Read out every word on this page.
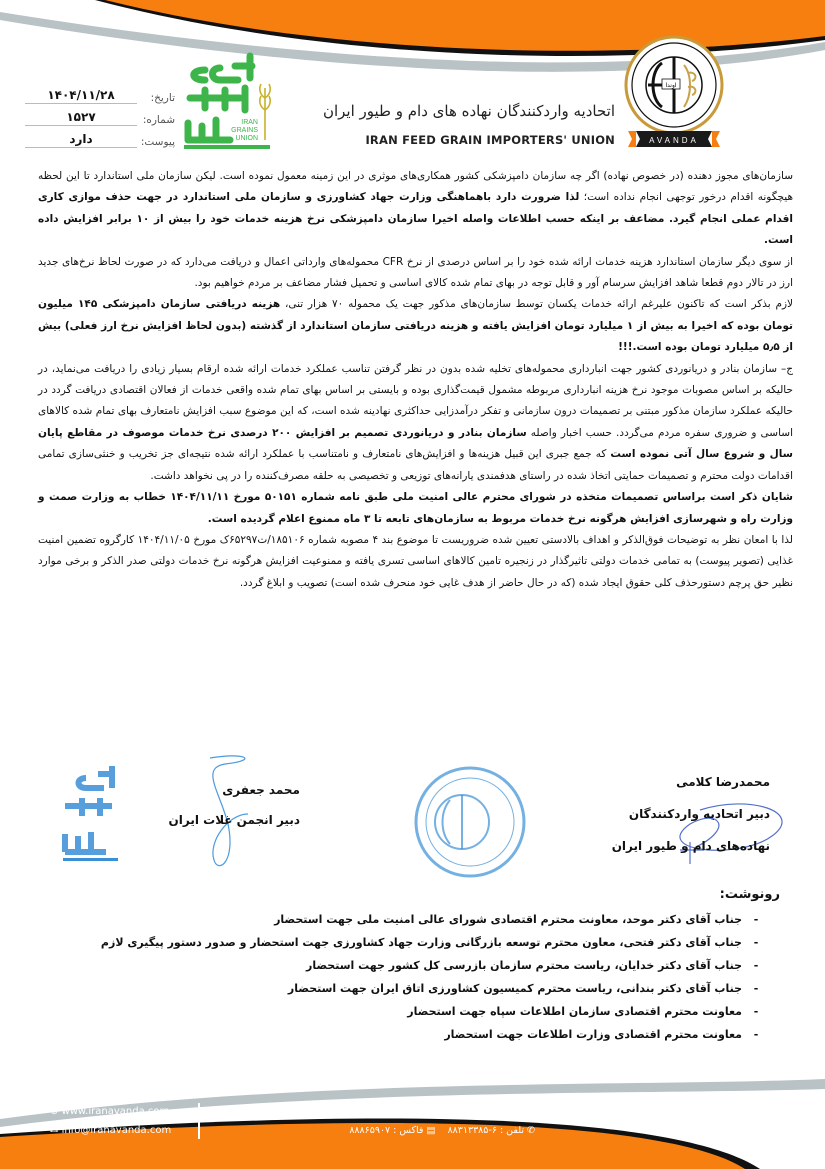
تاریخ:
۱۴۰۴/۱۱/۲۸
شماره:
۱۵۲۷
پیوست:
دارد
IRAN
GRAINS
UNION
اتحادیه واردکنندگان نهاده های دام و طیور ایران
IRAN FEED GRAIN IMPORTERS' UNION
اوندا
AVANDA

سازمان‌های مجوز دهنده (در خصوص نهاده) اگر چه سازمان دامپزشکی کشور همکاری‌های موثری در این زمینه معمول نموده است. لیکن سازمان ملی استاندارد تا این لحظه هیچگونه اقدام درخور توجهی انجام نداده است؛ لذا ضرورت دارد باهماهنگی وزارت جهاد کشاورزی و سازمان ملی استاندارد در جهت حذف موازی کاری اقدام عملی انجام گیرد. مضاعف بر اینکه حسب اطلاعات واصله اخیرا سازمان دامپزشکی نرخ هزینه خدمات خود را بیش از ۱۰ برابر افزایش داده است.

از سوی دیگر سازمان استاندارد هزینه خدمات ارائه شده خود را بر اساس درصدی از نرخ CFR محموله‌های وارداتی اعمال و دریافت می‌دارد که در صورت لحاظ نرخ‌های جدید ارز در تالار دوم قطعا شاهد افزایش سرسام آور و قابل توجه در بهای تمام شده کالای اساسی و تحمیل فشار مضاعف بر مردم خواهیم بود.

لازم بذکر است که تاکنون علیرغم ارائه خدمات یکسان توسط سازمان‌های مذکور جهت یک محموله ۷۰ هزار تنی، هزینه دریافتی سازمان دامپزشکی ۱۴۵ میلیون تومان بوده که اخیرا به بیش از ۱ میلیارد تومان افزایش یافته و هزینه دریافتی سازمان استاندارد از گذشته (بدون لحاظ افزایش نرخ ارز فعلی) بیش از ۵٫۵ میلیارد تومان بوده است.!!!

ج– سازمان بنادر و دریانوردی کشور جهت انبارداری محموله‌های تخلیه شده بدون در نظر گرفتن تناسب عملکرد خدمات ارائه شده ارقام بسیار زیادی را دریافت می‌نماید، در حالیکه بر اساس مصوبات موجود نرخ هزینه انبارداری مربوطه مشمول قیمت‌گذاری بوده و بایستی بر اساس بهای تمام شده واقعی خدمات از فعالان اقتصادی دریافت گردد در حالیکه عملکرد سازمان مذکور مبتنی بر تصمیمات درون سازمانی و تفکر درآمدزایی حداکثری نهادینه شده است، که این موضوع سبب افزایش نامتعارف بهای تمام شده کالاهای اساسی و ضروری سفره مردم می‌گردد. حسب اخبار واصله سازمان بنادر و دریانوردی تصمیم بر افزایش ۲۰۰ درصدی نرخ خدمات موصوف در مقاطع پایان سال و شروع سال آتی نموده است که جمع جبری این قبیل هزینه‌ها و افزایش‌های نامتعارف و نامتناسب با عملکرد ارائه شده نتیجه‌ای جز تخریب و خنثی‌سازی تمامی اقدامات دولت محترم و تصمیمات حمایتی اتخاذ شده در راستای هدفمندی یارانه‌های توزیعی و تخصیصی به حلقه مصرف‌کننده را در پی نخواهد داشت.

شایان ذکر است براساس تصمیمات متخذه در شورای محترم عالی امنیت ملی طبق نامه شماره ۵۰۱۵۱ مورخ ۱۴۰۴/۱۱/۱۱ خطاب به وزارت صمت و وزارت راه و شهرسازی افزایش هرگونه نرخ خدمات مربوط به سازمان‌های تابعه تا ۳ ماه ممنوع اعلام گردیده است.

لذا با امعان نظر به توضیحات فوق‌الذکر و اهداف بالادستی تعیین شده ضروریست تا موضوع بند ۴ مصوبه شماره ۱۸۵۱۰۶/ت۶۵۲۹۷ک مورخ ۱۴۰۴/۱۱/۰۵ کارگروه تضمین امنیت غذایی (تصویر پیوست) به تمامی خدمات دولتی تاثیرگذار در زنجیره تامین کالاهای اساسی تسری یافته و ممنوعیت افزایش هرگونه نرخ خدمات دولتی صدر الذکر و برخی موارد نظیر حق پرچم دستورحذف کلی حقوق ایجاد شده (که در حال حاضر از هدف غایی خود منحرف شده است) تصویب و ابلاغ گردد.

محمد جعفری
دبیر انجمن غلات ایران
محمدرضا کلامی
دبیر اتحادیه واردکنندگان
نهاده‌های دام و طیور ایران
رونوشت:
-
جناب آقای دکتر موحد، معاونت محترم اقتصادی شورای عالی امنیت ملی جهت استحضار
-
جناب آقای دکتر فتحی، معاون محترم توسعه بازرگانی وزارت جهاد کشاورزی جهت استحضار و صدور دستور پیگیری لازم
-
جناب آقای دکتر خدایان، ریاست محترم سازمان بازرسی کل کشور جهت استحضار
-
جناب آقای دکتر بندانی، ریاست محترم کمیسیون کشاورزی اتاق ایران جهت استحضار
-
معاونت محترم اقتصادی سازمان اطلاعات سپاه جهت استحضار
-
معاونت محترم اقتصادی وزارت اطلاعات جهت استحضار
⚲ خیابان قائم مقام فراهانی ، خیابان بیست و ششم ، پلاک ۱۰ ، واحد ۱۲
✆ تلفن : ۶-۸۸۳۱۳۳۸۵    ▤ فاکس : ۸۸۸۶۵۹۰۷
⊕ www.iranavanda.com
✉ info@iranavanda.com
